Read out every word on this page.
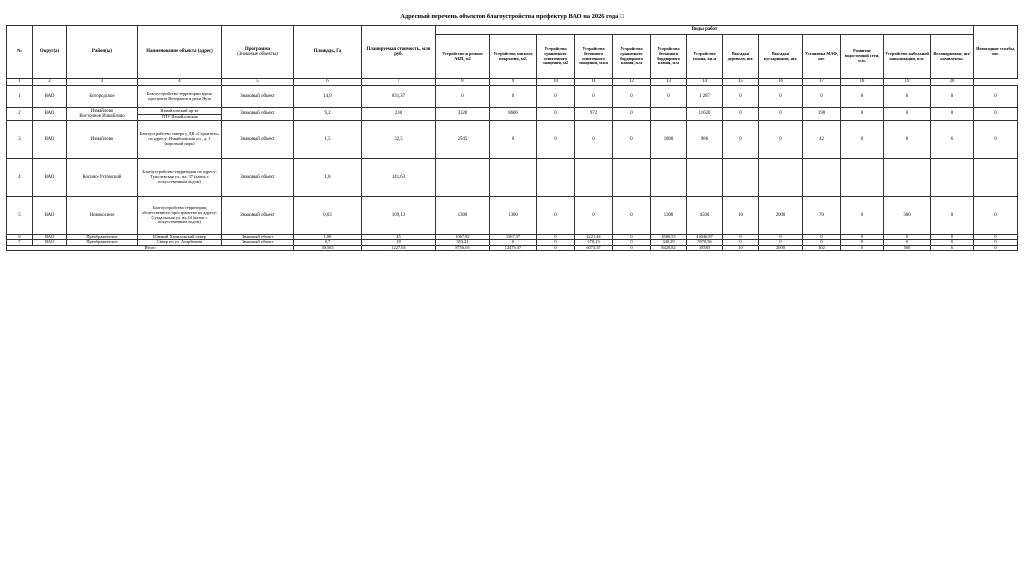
Адресный перечень объектов благоустройства префектур ВАО на 2026 года □
№	Округ(а)	Район(ы)	Наименование объекта (адрес)	Программа
(Знаковые объекты)	Площадь, Га	Планируемая стоимость, млн руб.	Виды работ													Новогодние столбы, шт.
							Устройство и ремонт АБП, м2	Устройство мягкого покрытия, м2.	Устройство гранитного плиточного мощения, м2	Устройство бетонного плиточного мощения, м.кв	Устройство гранитного бордюрного камня, п.м	Устройство бетонного бордюрного камня, п.м	Устройство газона, кв.м	Высадка деревьев, шт.	Высадка кустарников, шт.	Установка МАФ, шт.	Развитие водосточной сети, п.м.	Устройство кабельной канализации, п.м.	Велопарковки, шт/комплекты.	
1	2	3	4	5	6	7	8	9	10	11	12	13	14	15	16	17	18	19	20	
1	ВАО	Богородское	Благоустройство территории вдоль проспекта Ветеранов и реки Яуза	Знаковый объект	14,9	631,37	0	0	0	0	0	0	1 287	0	0	0	0	0	0	0
2	ВАО	Измайлово
Восточное Измайлово	Измайловский пр-кт
ТПУ Измайловская	Знаковый объект	9,2	230	3320	8606	0	972	0		11620	0	0	190	0	0	0	0
3	ВАО	Измайлово	Благоустройство сквера у ДК «Строитель» по адресу: Измайловская пл., д. 1 (короткий парк)	Знаковый объект	1,5	32,5	2545	0	0	0	0	1800	986	0	0	42	0	0	6	0
4	ВАО	Косино-Ухтомский	Благоустройство территории по адресу: Туполевская ул., вл. 37 (каток с искусственным льдом)	Знаковый объект	1,8	141,63														
5	ВАО	Новокосино	Благоустройство территории общественного пространства по адресу: Суздальская ул. вл.44 (каток с искусственным льдом)	Знаковый объект	0,63	109,13	1300	1300	0	0	0	1300	4500	10	2000	70	0	300	0	0
6	ВАО	Преображенское	Южный Хапиловский сквер	Знаковый объект	1,80	45	1067,82	1567,37	0	4221,44	0	4580,53	44046,87	0	0	0	0	0	0	0
7	ВАО	Преображенское	Сквер по ул. Атарбекова	Знаковый объект	0,7	18	353,21	0	0	570,13	0	340,29	5970,56	0	0	0	0	0	0	0
Итого					30,565	1227,63	8756,03	12473,37	0	6073,57	0	8420,82	18383	10	2000	302	0	500	6	0
